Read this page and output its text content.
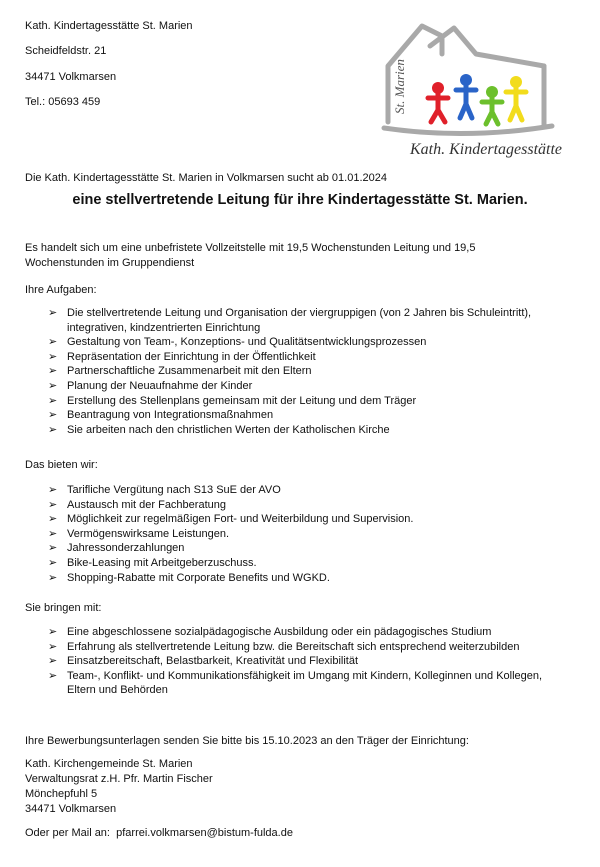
Kath. Kindertagesstätte St. Marien
Scheidfeldstr. 21
34471 Volkmarsen
Tel.: 05693 459	St. Marien
Kath. Kindertagesstätte
Die Kath. Kindertagesstätte St. Marien in Volkmarsen sucht ab 01.01.2024
eine stellvertretende Leitung für ihre Kindertagesstätte St. Marien.
Es handelt sich um eine unbefristete Vollzeitstelle mit 19,5 Wochenstunden Leitung und 19,5
Wochenstunden im Gruppendienst
Ihre Aufgaben:
➢ Die stellvertretende Leitung und Organisation der viergruppigen (von 2 Jahren bis Schuleintritt), integrativen, kindzentrierten Einrichtung
➢ Gestaltung von Team-, Konzeptions- und Qualitätsentwicklungsprozessen
➢ Repräsentation der Einrichtung in der Öffentlichkeit
➢ Partnerschaftliche Zusammenarbeit mit den Eltern
➢ Planung der Neuaufnahme der Kinder
➢ Erstellung des Stellenplans gemeinsam mit der Leitung und dem Träger
➢ Beantragung von Integrationsmaßnahmen
➢ Sie arbeiten nach den christlichen Werten der Katholischen Kirche
Das bieten wir:
➢ Tarifliche Vergütung nach S13 SuE der AVO
➢ Austausch mit der Fachberatung
➢ Möglichkeit zur regelmäßigen Fort- und Weiterbildung und Supervision.
➢ Vermögenswirksame Leistungen.
➢ Jahressonderzahlungen
➢ Bike-Leasing mit Arbeitgeberzuschuss.
➢ Shopping-Rabatte mit Corporate Benefits und WGKD.
Sie bringen mit:
➢ Eine abgeschlossene sozialpädagogische Ausbildung oder ein pädagogisches Studium
➢ Erfahrung als stellvertretende Leitung bzw. die Bereitschaft sich entsprechend weiterzubilden
➢ Einsatzbereitschaft, Belastbarkeit, Kreativität und Flexibilität
➢ Team-, Konflikt- und Kommunikationsfähigkeit im Umgang mit Kindern, Kolleginnen und Kollegen, Eltern und Behörden
Ihre Bewerbungsunterlagen senden Sie bitte bis 15.10.2023 an den Träger der Einrichtung:
Kath. Kirchengemeinde St. Marien
Verwaltungsrat z.H. Pfr. Martin Fischer
Mönchepfuhl 5
34471 Volkmarsen
Oder per Mail an: pfarrei.volkmarsen@bistum-fulda.de
